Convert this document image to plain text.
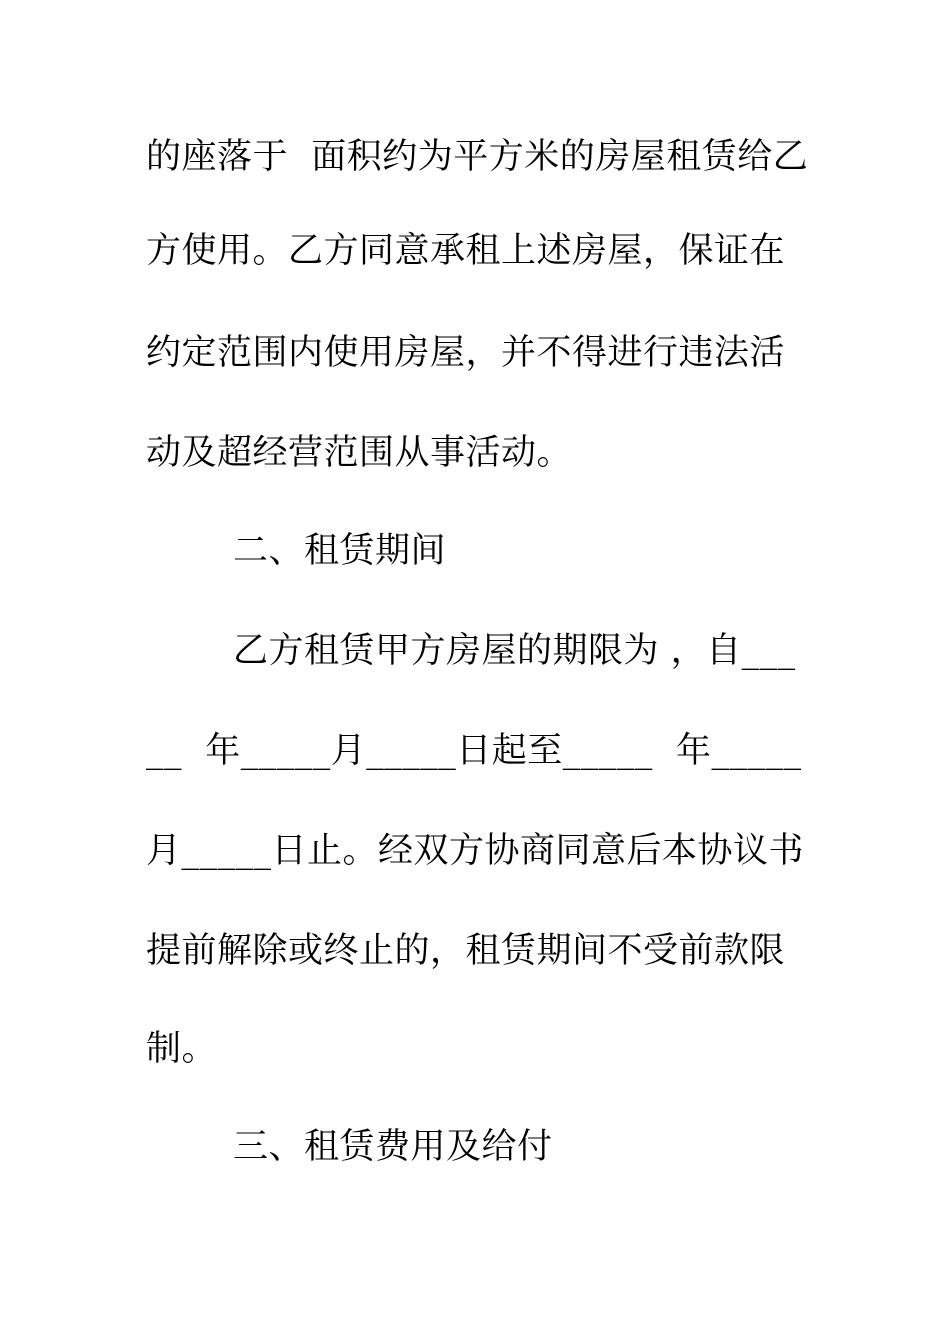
的座落于  面积约为平方米的房屋租赁给乙
方使用。乙方同意承租上述房屋，保证在
约定范围内使用房屋，并不得进行违法活
动及超经营范围从事活动。
二、租赁期间
乙方租赁甲方房屋的期限为 ，自___
__  年_____月_____日起至_____  年_____
月_____日止。经双方协商同意后本协议书
提前解除或终止的，租赁期间不受前款限
制。
三、租赁费用及给付
